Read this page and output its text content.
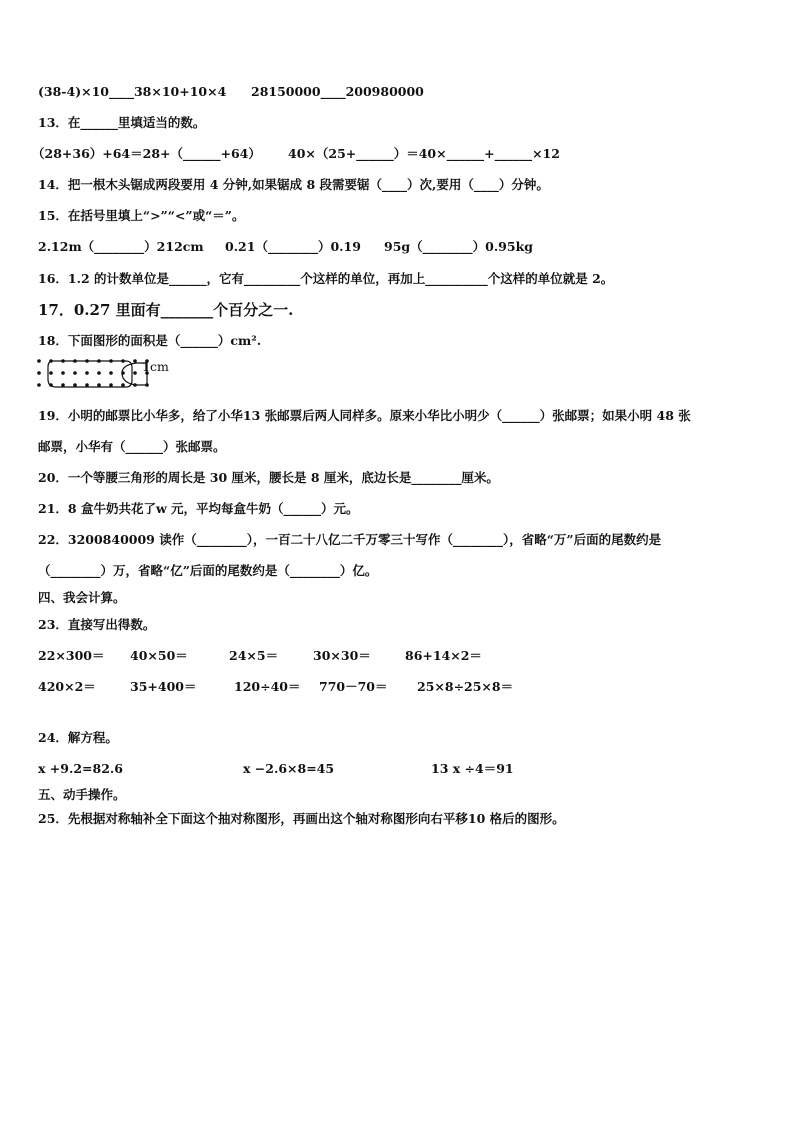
(38-4)×10____38×10+10×4 28150000____200980000
13．在______里填适当的数。
（28+36）+64＝28+（______+64） 40×（25+______）＝40×______+______×12
14．把一根木头锯成两段要用 4 分钟,如果锯成 8 段需要锯（____）次,要用（____）分钟。
15．在括号里填上“>”“<”或“＝”。
2.12m（________）212cm 0.21（________）0.19 95g（________）0.95kg
16．1.2 的计数单位是______，它有_________个这样的单位，再加上__________个这样的单位就是 2。
17．0.27 里面有_______个百分之一.
18．下面图形的面积是（______）cm².
1cm
19．小明的邮票比小华多，给了小华13 张邮票后两人同样多。原来小华比小明少（______）张邮票；如果小明 48 张
邮票，小华有（______）张邮票。
20．一个等腰三角形的周长是 30 厘米，腰长是 8 厘米，底边长是________厘米。
21．8 盒牛奶共花了w 元，平均每盒牛奶（______）元。
22．3200840009 读作（________），一百二十八亿二千万零三十写作（________），省略“万”后面的尾数约是
（________）万，省略“亿”后面的尾数约是（________）亿。
四、我会计算。
23．直接写出得数。
22×300＝ 40×50＝	24×5＝	30×30＝	86+14×2＝
420×2＝	35+400＝	120÷40＝ 770－70＝ 25×8÷25×8＝
24．解方程。
x +9.2=82.6	x −2.6×8=45	13 x ÷4＝91
五、动手操作。
25．先根据对称轴补全下面这个抽对称图形，再画出这个轴对称图形向右平移10 格后的图形。
